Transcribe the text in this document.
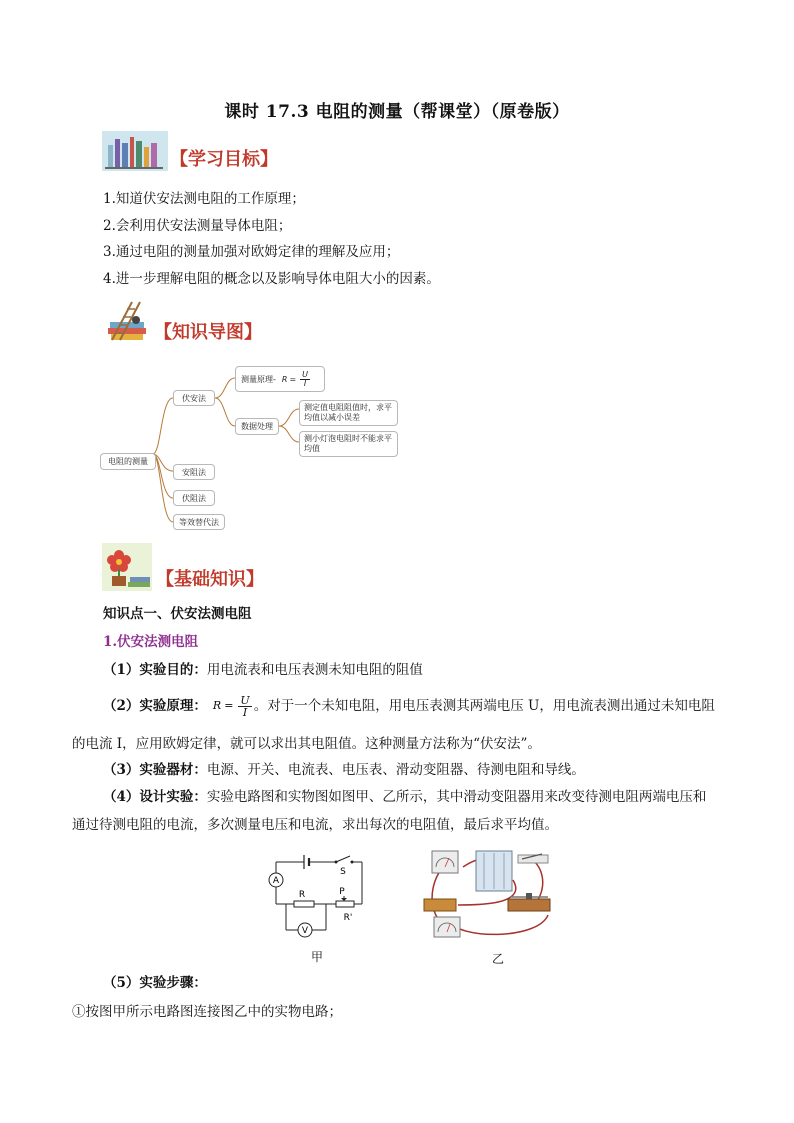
课时 17.3 电阻的测量（帮课堂）（原卷版）
【学习目标】
1.知道伏安法测电阻的工作原理；
2.会利用伏安法测量导体电阻；
3.通过电阻的测量加强对欧姆定律的理解及应用；
4.进一步理解电阻的概念以及影响导体电阻大小的因素。
【知识导图】
电阻的测量
伏安法
安阻法
伏阻法
等效替代法
测量原理- $R = \frac{U}{I}$
数据处理
测定值电阻阻值时，求平均值以减小误差
测小灯泡电阻时不能求平均值
【基础知识】
知识点一、伏安法测电阻
1.伏安法测电阻
（1）实验目的：用电流表和电压表测未知电阻的阻值
（2）实验原理： $R = \frac{U}{I}$ 。对于一个未知电阻，用电压表测其两端电压 U，用电流表测出通过未知电阻
的电流 I，应用欧姆定律，就可以求出其电阻值。这种测量方法称为“伏安法”。
（3）实验器材：电源、开关、电流表、电压表、滑动变阻器、待测电阻和导线。
（4）设计实验：实验电路图和实物图如图甲、乙所示，其中滑动变阻器用来改变待测电阻两端电压和
通过待测电阻的电流，多次测量电压和电流，求出每次的电阻值，最后求平均值。
A
V
R
S
P
R'
甲	乙
（5）实验步骤：
①按图甲所示电路图连接图乙中的实物电路；
